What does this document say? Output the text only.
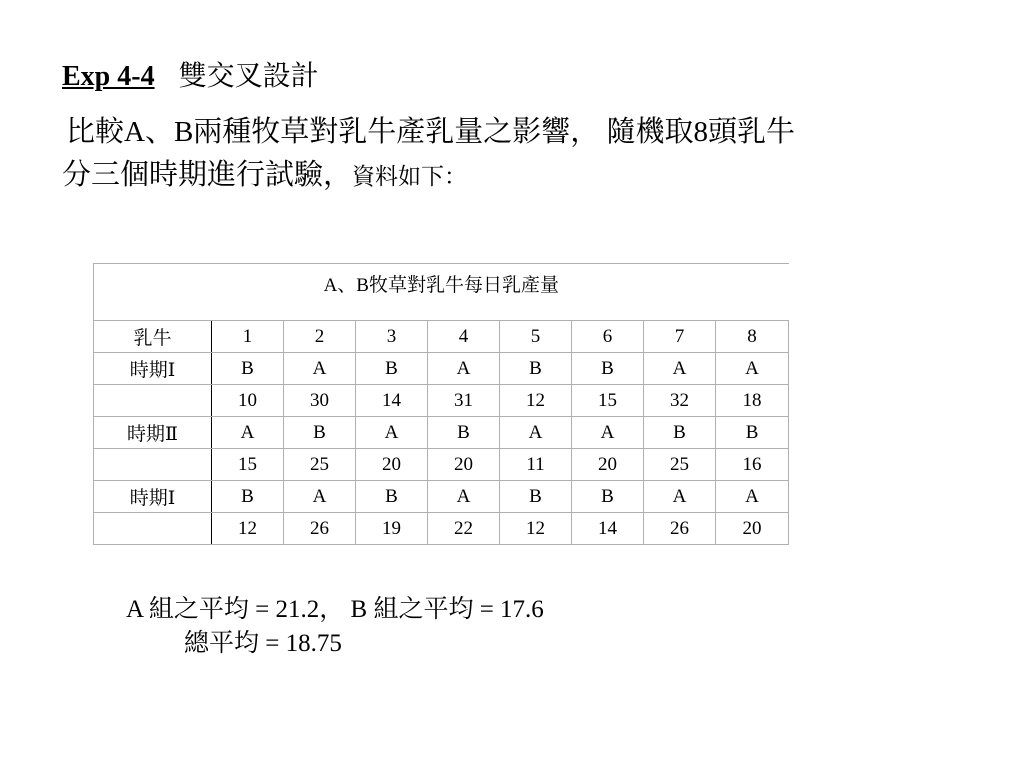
Exp 4-4 雙交叉設計
比較A、B兩種牧草對乳牛產乳量之影響， 隨機取8頭乳牛
分三個時期進行試驗，資料如下：
A、B牧草對乳牛每日乳產量								
乳牛	1	2	3	4	5	6	7	8
時期Ⅰ	B	A	B	A	B	B	A	A
	10	30	14	31	12	15	32	18
時期Ⅱ	A	B	A	B	A	A	B	B
	15	25	20	20	11	20	25	16
時期Ⅰ	B	A	B	A	B	B	A	A
	12	26	19	22	12	14	26	20
A 組之平均 = 21.2， B 組之平均 = 17.6
總平均 = 18.75
